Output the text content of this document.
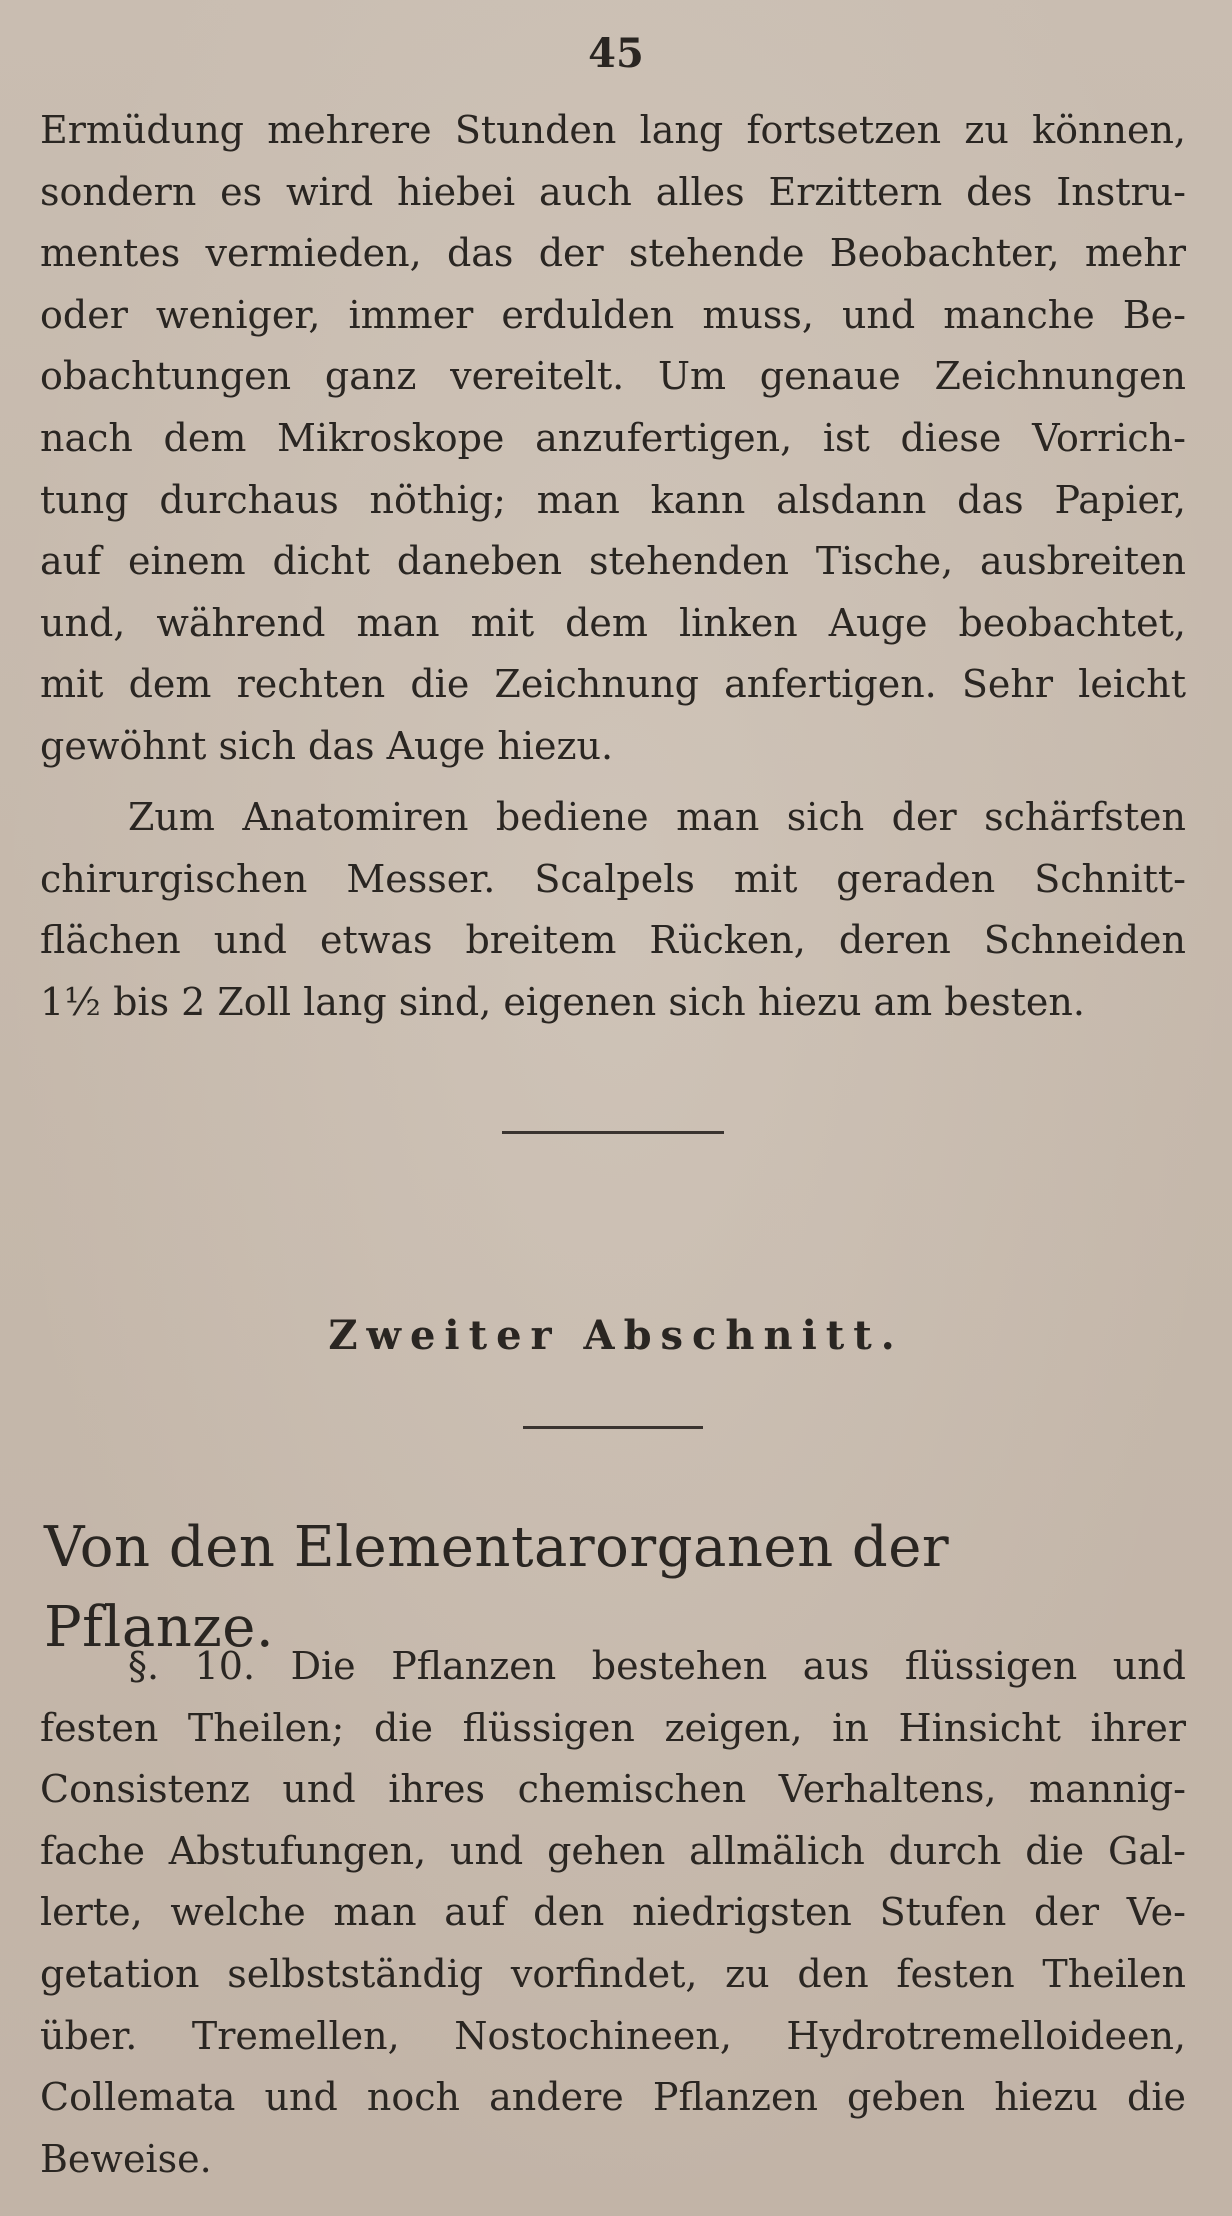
45
Ermüdung mehrere Stunden lang fortsetzen zu können,
sondern es wird hiebei auch alles Erzittern des Instru-
mentes vermieden, das der stehende Beobachter, mehr
oder weniger, immer erdulden muss, und manche Be-
obachtungen ganz vereitelt. Um genaue Zeichnungen
nach dem Mikroskope anzufertigen, ist diese Vorrich-
tung durchaus nöthig; man kann alsdann das Papier,
auf einem dicht daneben stehenden Tische, ausbreiten
und, während man mit dem linken Auge beobachtet,
mit dem rechten die Zeichnung anfertigen. Sehr leicht
gewöhnt sich das Auge hiezu.
Zum Anatomiren bediene man sich der schärfsten
chirurgischen Messer. Scalpels mit geraden Schnitt-
flächen und etwas breitem Rücken, deren Schneiden
1½ bis 2 Zoll lang sind, eigenen sich hiezu am besten.
Zweiter Abschnitt.
Von den Elementarorganen der Pflanze.
§. 10. Die Pflanzen bestehen aus flüssigen und
festen Theilen; die flüssigen zeigen, in Hinsicht ihrer
Consistenz und ihres chemischen Verhaltens, mannig-
fache Abstufungen, und gehen allmälich durch die Gal-
lerte, welche man auf den niedrigsten Stufen der Ve-
getation selbstständig vorfindet, zu den festen Theilen
über. Tremellen, Nostochineen, Hydrotremelloideen,
Collemata und noch andere Pflanzen geben hiezu die
Beweise.
